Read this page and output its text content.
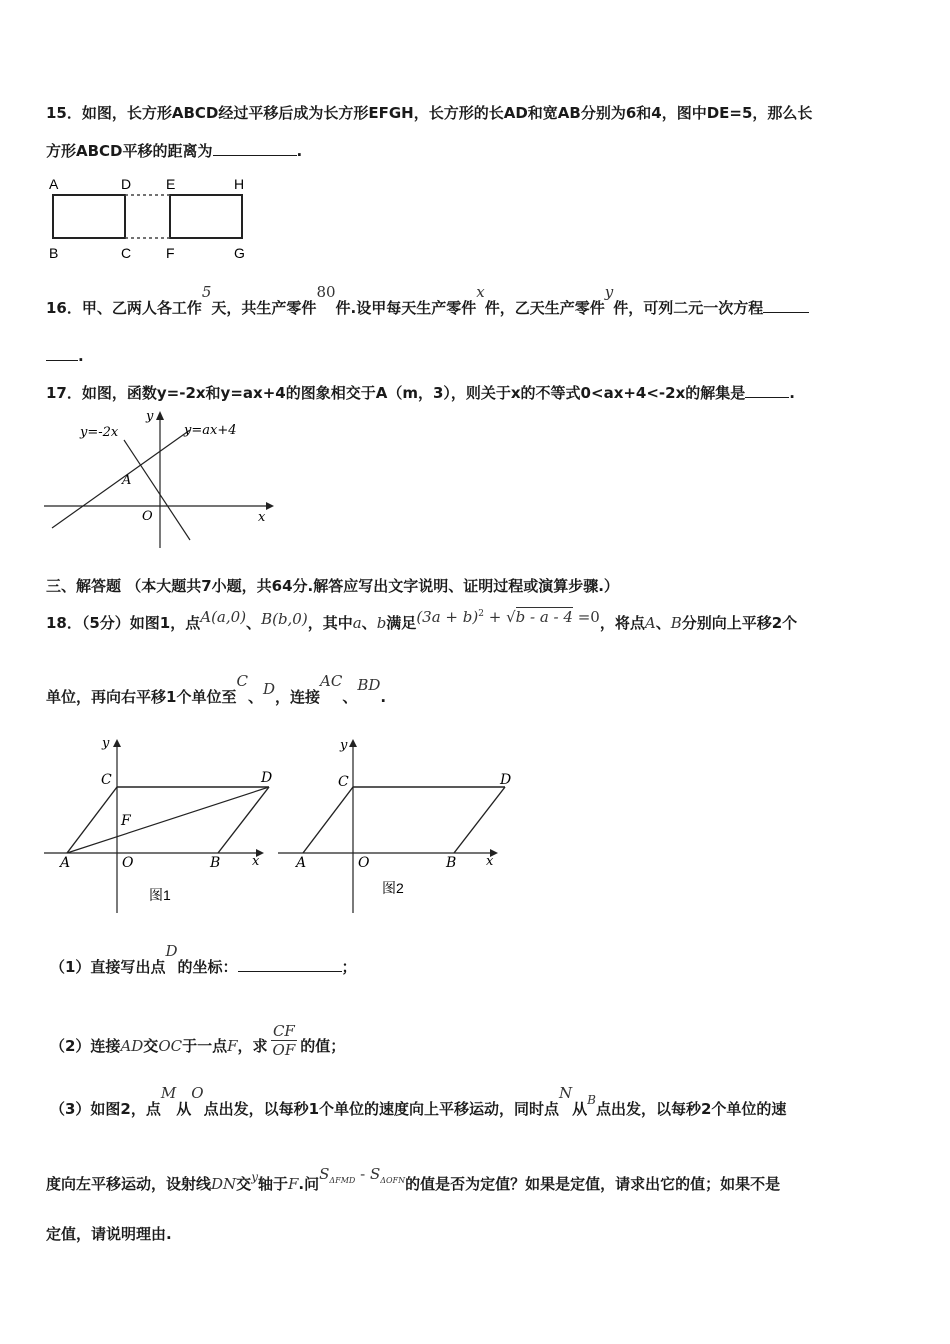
15．如图，长方形ABCD经过平移后成为长方形EFGH，长方形的长AD和宽AB分别为6和4，图中DE=5，那么长
方形ABCD平移的距离为	.
A	D E	H
B	C F	G
16．甲、乙两人各工作5天，共生产零件80件.设甲每天生产零件x件，乙天生产零件y件，可列二元一次方程
.
17．如图，函数y=-2x和y=ax+4的图象相交于A（m，3），则关于x的不等式0<ax+4<-2x的解集是	.
y=-2x	y=ax+4
y
x
A
O
三、解答题 （本大题共7小题，共64分.解答应写出文字说明、证明过程或演算步骤.）
18．（5分）如图1，点A(a,0)、B(b,0)，其中a、b满足$(3a + b)^2 + √b - a - 4 =0$，将点A、B分别向上平移2个
单位，再向右平移1个单位至C、D，连接AC、BD.
y
x
C	D
F
A	O	B
图1
y
x
C	D
A	O	B
图2
（1）直接写出点D的坐标：	；
（2）连接AD交OC于一点F，求 $\frac{CF}{OF}$ 的值；
（3）如图2，点M从O点出发，以每秒1个单位的速度向上平移运动，同时点N从$^B$点出发，以每秒2个单位的速
度向左平移运动，设射线DN交$^y$轴于F.问$S_{\Delta FMD} - S_{\Delta OFN}$的值是否为定值？如果是定值，请求出它的值；如果不是
定值，请说明理由.
